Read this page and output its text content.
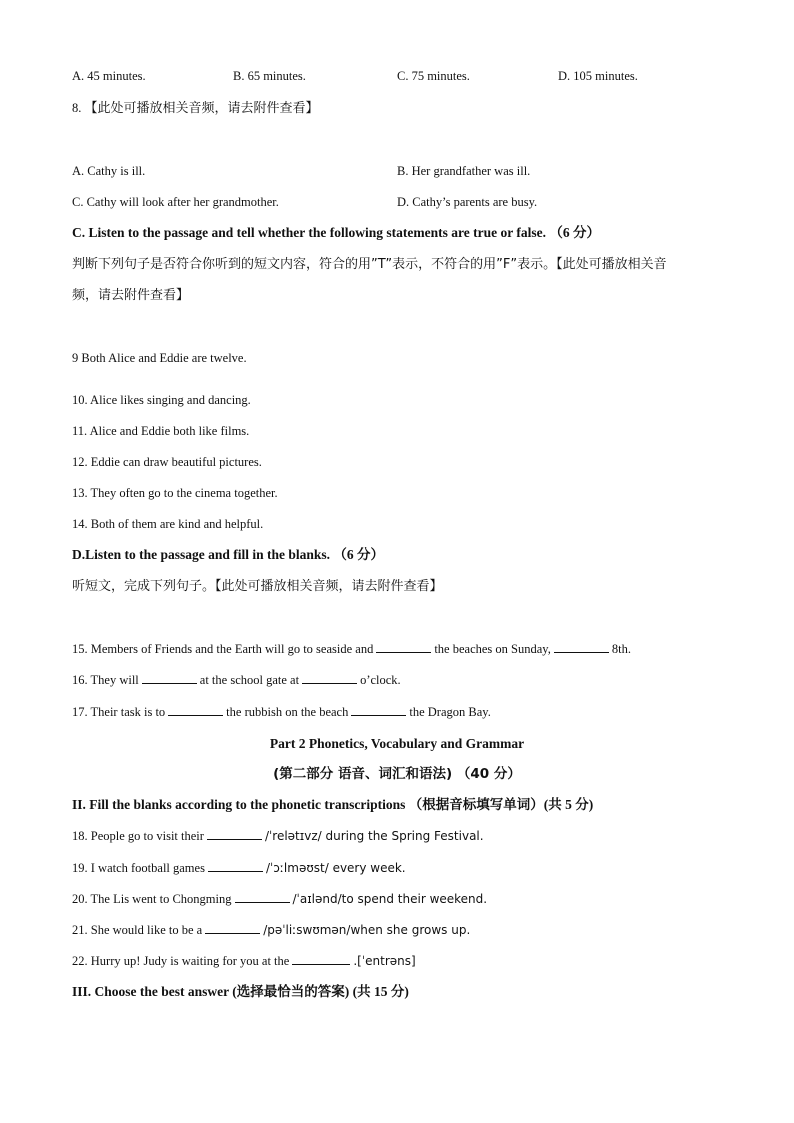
A. 45 minutes.	B. 65 minutes.	C. 75 minutes.	D. 105 minutes.
8. 【此处可播放相关音频，请去附件查看】
A. Cathy is ill.	B. Her grandfather was ill.
C. Cathy will look after her grandmother.	D. Cathy’s parents are busy.
C. Listen to the passage and tell whether the following statements are true or false. （6 分）
判断下列句子是否符合你听到的短文内容，符合的用”T”表示，不符合的用”F”表示。【此处可播放相关音
频，请去附件查看】
9 Both Alice and Eddie are twelve.
10. Alice likes singing and dancing.
11. Alice and Eddie both like films.
12. Eddie can draw beautiful pictures.
13. They often go to the cinema together.
14. Both of them are kind and helpful.
D.Listen to the passage and fill in the blanks. （6 分）
听短文，完成下列句子。【此处可播放相关音频，请去附件查看】
15. Members of Friends and the Earth will go to seaside and	the beaches on Sunday,	8th.
16. They will	at the school gate at	o’clock.
17. Their task is to	the rubbish on the beach	the Dragon Bay.
Part 2 Phonetics, Vocabulary and Grammar
(第二部分 语音、词汇和语法) （40 分）
II. Fill the blanks according to the phonetic transcriptions （根据音标填写单词）(共 5 分)
18. People go to visit their	/ˈrelətɪvz/ during the Spring Festival.
19. I watch football games	/ˈɔːlməʊst/ every week.
20. The Lis went to Chongming	/ˈaɪlənd/to spend their weekend.
21. She would like to be a	/pəˈliːswʊmən/when she grows up.
22. Hurry up! Judy is waiting for you at the	.[ˈentrəns]
III. Choose the best answer (选择最恰当的答案) (共 15 分)
